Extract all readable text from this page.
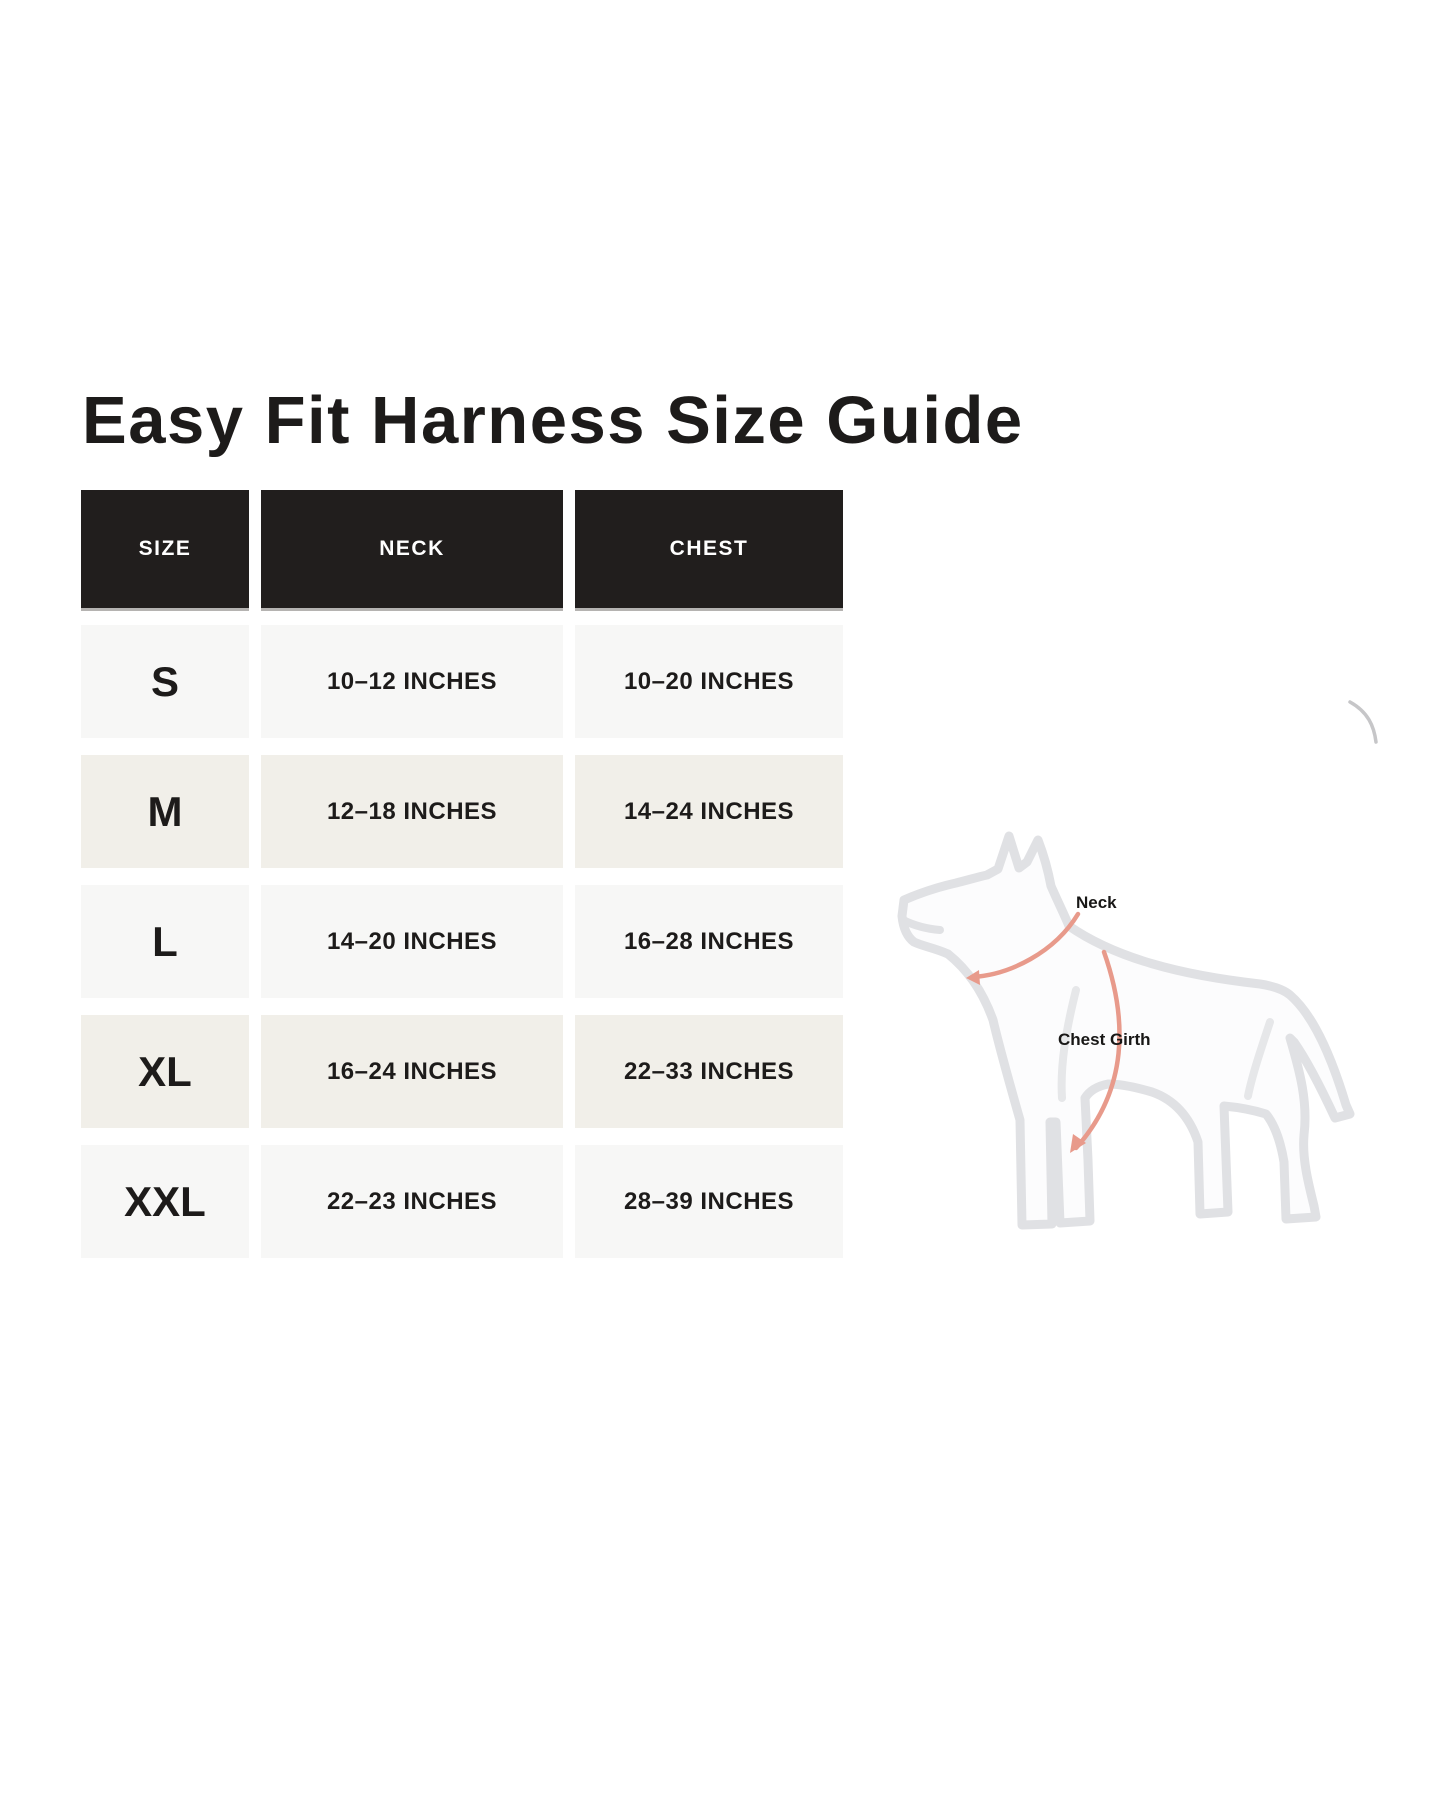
Easy Fit Harness Size Guide
SIZE	NECK	CHEST
S	10–12 INCHES	10–20 INCHES
M	12–18 INCHES	14–24 INCHES
L	14–20 INCHES	16–28 INCHES
XL	16–24 INCHES	22–33 INCHES
XXL	22–23 INCHES	28–39 INCHES
Neck
Chest Girth
